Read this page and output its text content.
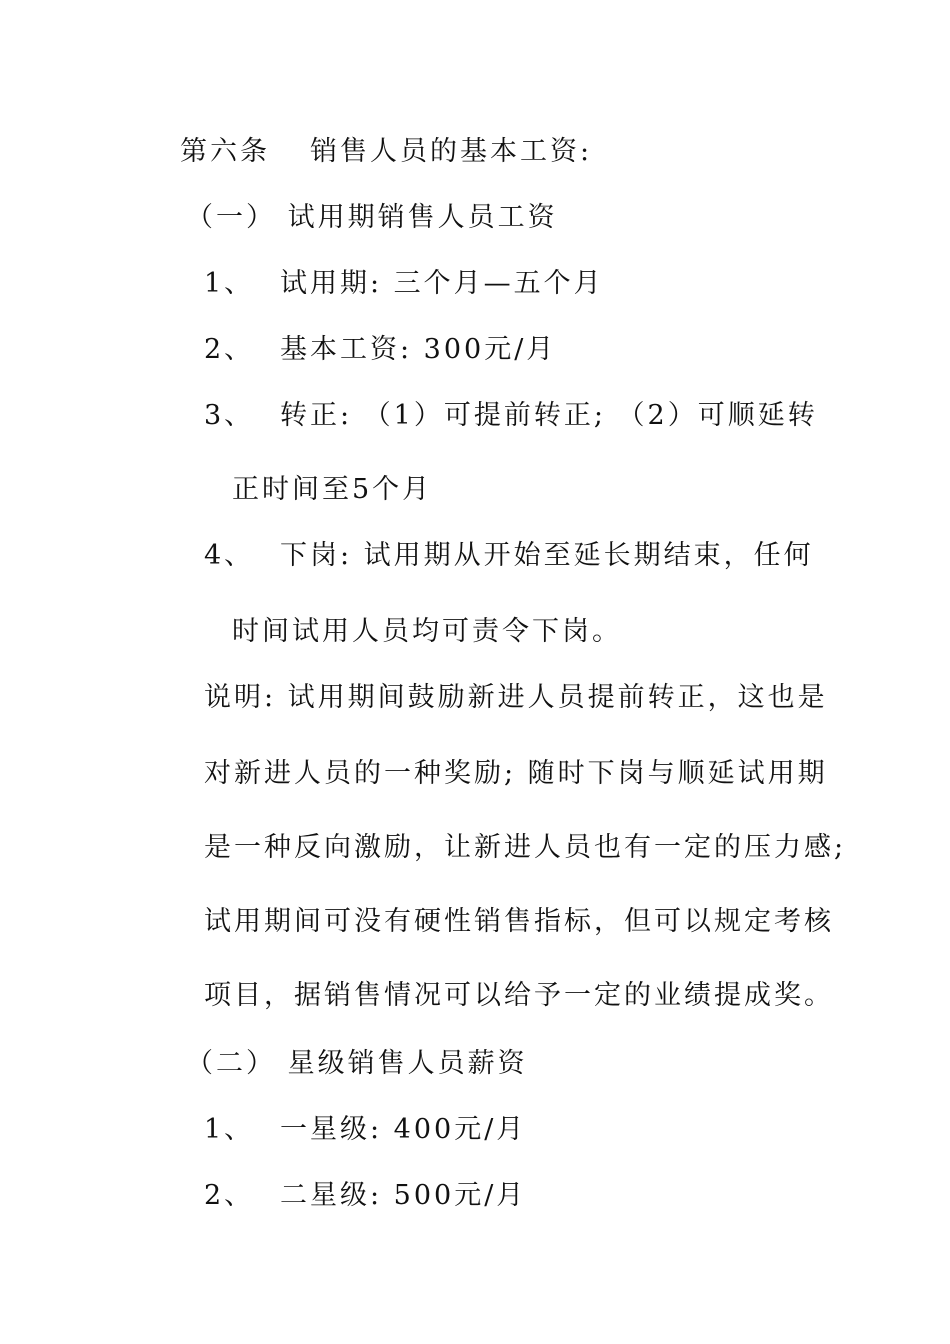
第六条 销售人员的基本工资:
（一） 试用期销售人员工资
1、 试用期: 三个月—五个月
2、 基本工资: 300元/月
3、 转正: （1）可提前转正; （2）可顺延转
正时间至5个月
4、 下岗: 试用期从开始至延长期结束，任何
时间试用人员均可责令下岗。
说明: 试用期间鼓励新进人员提前转正，这也是
对新进人员的一种奖励; 随时下岗与顺延试用期
是一种反向激励，让新进人员也有一定的压力感;
试用期间可没有硬性销售指标，但可以规定考核
项目，据销售情况可以给予一定的业绩提成奖。
（二） 星级销售人员薪资
1、 一星级: 400元/月
2、 二星级: 500元/月
